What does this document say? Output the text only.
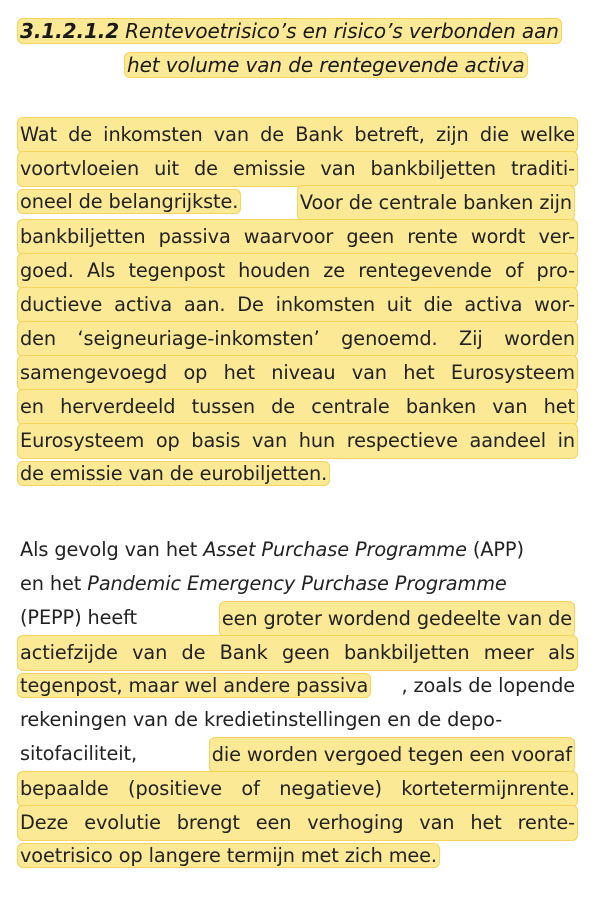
3.1.2.1.2 Rentevoetrisico’s en risico’s verbonden aan
het volume van de rentegevende activa
Wat de inkomsten van de Bank betreft, zijn die welke
voortvloeien uit de emissie van bankbiljetten traditi-
oneel de belangrijkste.	Voor de centrale banken zijn
bankbiljetten passiva waarvoor geen rente wordt ver-
goed. Als tegenpost houden ze rentegevende of pro-
ductieve activa aan. De inkomsten uit die activa wor-
den ‘seigneuriage-inkomsten’ genoemd. Zij worden
samengevoegd op het niveau van het Eurosysteem
en herverdeeld tussen de centrale banken van het
Eurosysteem op basis van hun respectieve aandeel in
de emissie van de eurobiljetten.
Als gevolg van het Asset Purchase Programme (APP)
en het Pandemic Emergency Purchase Programme
(PEPP) heeft	een groter wordend gedeelte van de
actiefzijde van de Bank geen bankbiljetten meer als
tegenpost, maar wel andere passiva , zoals de lopende
rekeningen van de kredietinstellingen en de depo-
sitofaciliteit,	die worden vergoed tegen een vooraf
bepaalde (positieve of negatieve) kortetermijnrente.
Deze evolutie brengt een verhoging van het rente-
voetrisico op langere termijn met zich mee.
